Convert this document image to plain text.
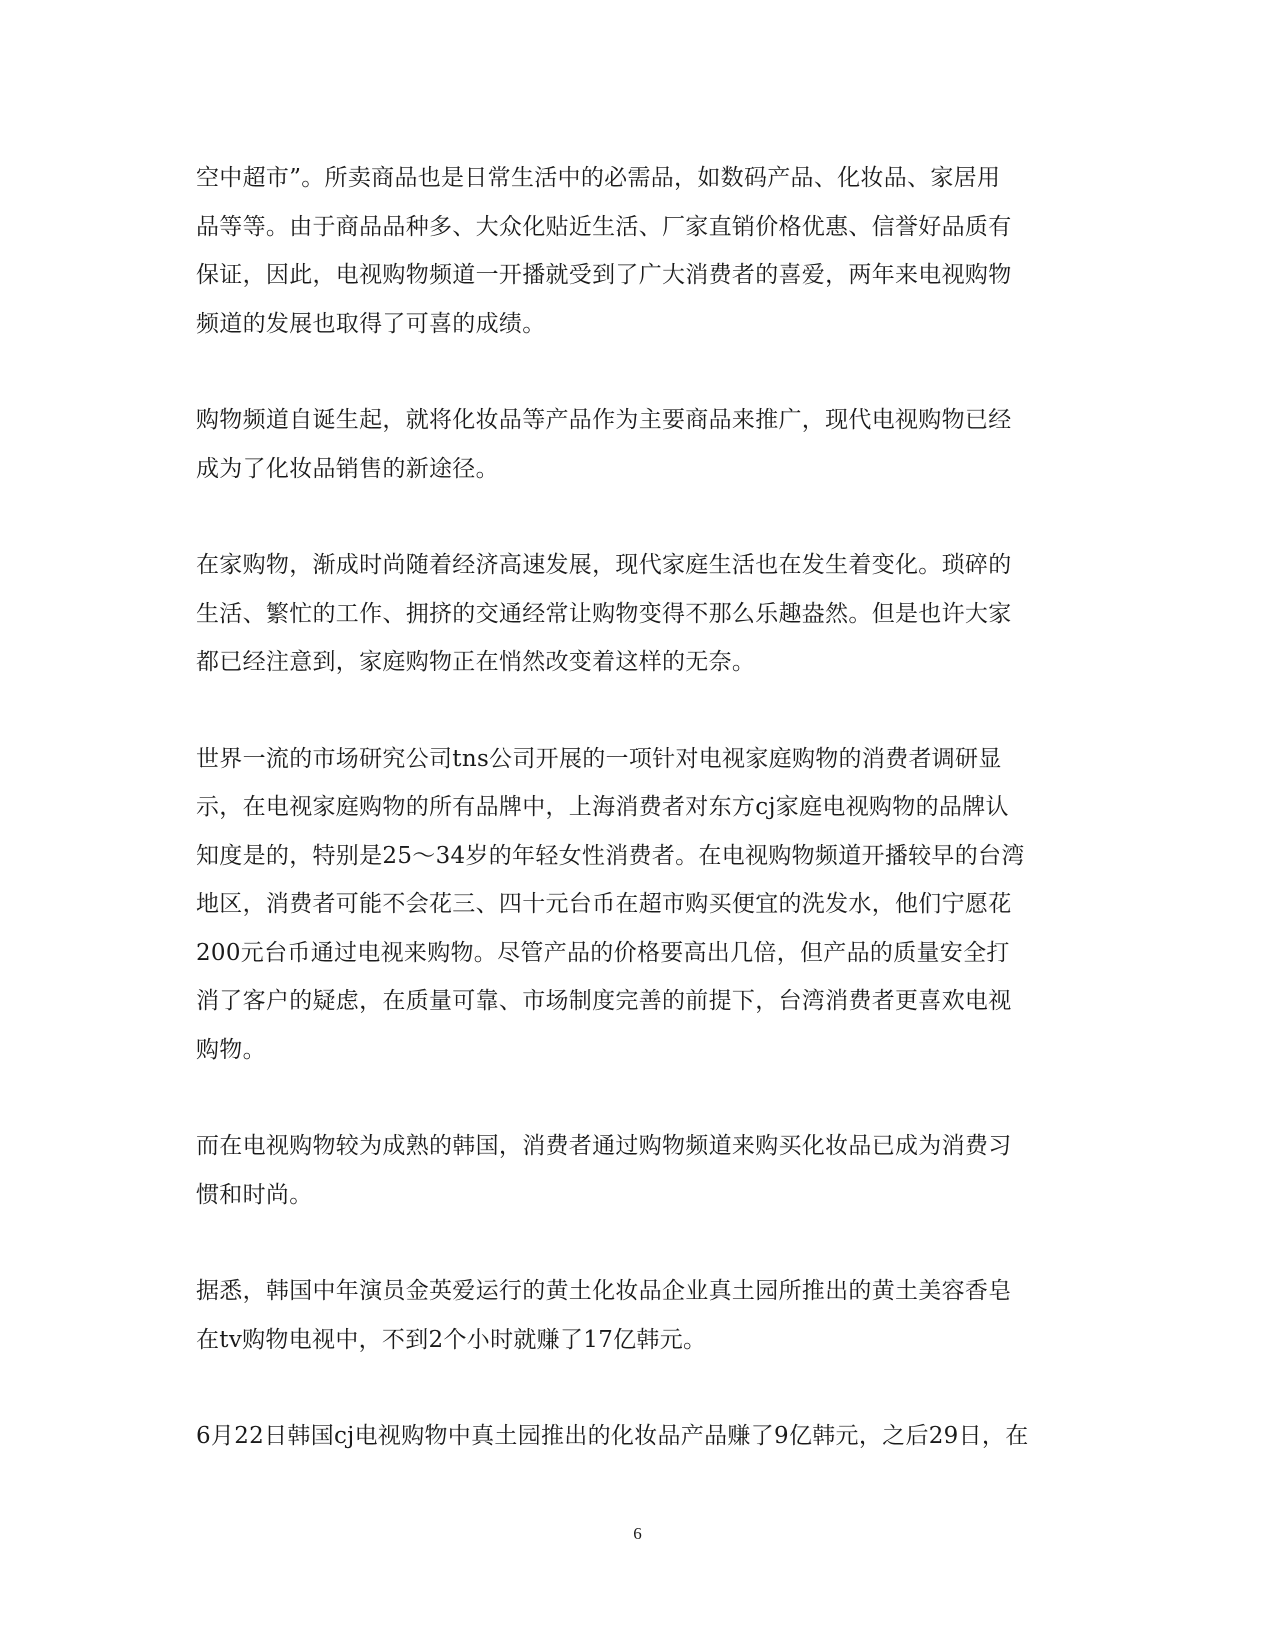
空中超市”。所卖商品也是日常生活中的必需品，如数码产品、化妆品、家居用
品等等。由于商品品种多、大众化贴近生活、厂家直销价格优惠、信誉好品质有
保证，因此，电视购物频道一开播就受到了广大消费者的喜爱，两年来电视购物
频道的发展也取得了可喜的成绩。

购物频道自诞生起，就将化妆品等产品作为主要商品来推广，现代电视购物已经
成为了化妆品销售的新途径。

在家购物，渐成时尚随着经济高速发展，现代家庭生活也在发生着变化。琐碎的
生活、繁忙的工作、拥挤的交通经常让购物变得不那么乐趣盎然。但是也许大家
都已经注意到，家庭购物正在悄然改变着这样的无奈。

世界一流的市场研究公司tns公司开展的一项针对电视家庭购物的消费者调研显
示，在电视家庭购物的所有品牌中，上海消费者对东方cj家庭电视购物的品牌认
知度是的，特别是25～34岁的年轻女性消费者。在电视购物频道开播较早的台湾
地区，消费者可能不会花三、四十元台币在超市购买便宜的洗发水，他们宁愿花
200元台币通过电视来购物。尽管产品的价格要高出几倍，但产品的质量安全打
消了客户的疑虑，在质量可靠、市场制度完善的前提下，台湾消费者更喜欢电视
购物。

而在电视购物较为成熟的韩国，消费者通过购物频道来购买化妆品已成为消费习
惯和时尚。

据悉，韩国中年演员金英爱运行的黄土化妆品企业真土园所推出的黄土美容香皂
在tv购物电视中，不到2个小时就赚了17亿韩元。

6月22日韩国cj电视购物中真土园推出的化妆品产品赚了9亿韩元，之后29日，在

6
